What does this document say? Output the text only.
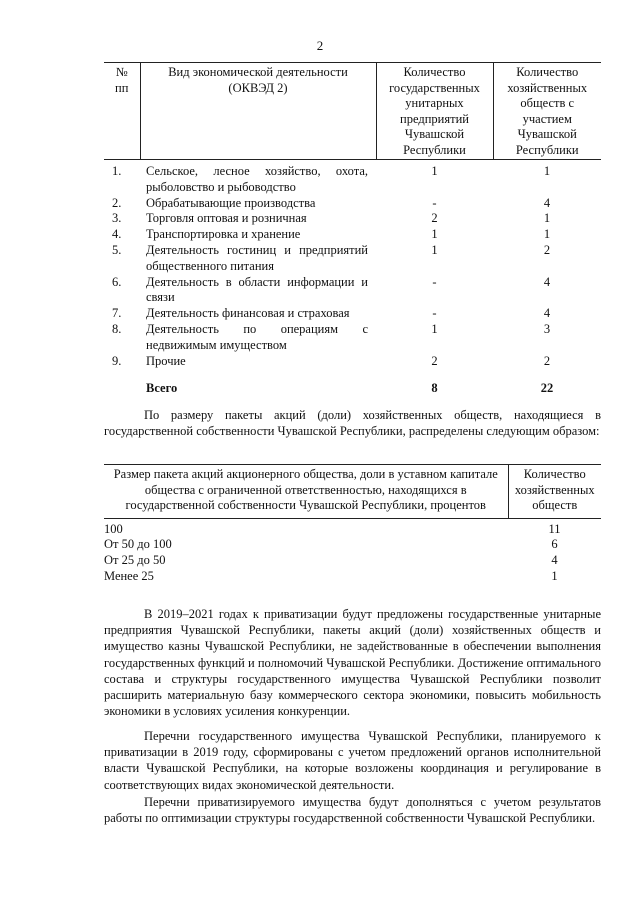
2
№ пп	Вид экономической деятельности (ОКВЭД 2)	Количество государственных унитарных предприятий Чувашской Республики	Количество хозяйственных обществ с участием Чувашской Республики
1.	Сельское, лесное хозяйство, охота, рыболовство и рыбоводство	1	1
2.	Обрабатывающие производства	-	4
3.	Торговля оптовая и розничная	2	1
4.	Транспортировка и хранение	1	1
5.	Деятельность гостиниц и предприятий общественного питания	1	2
6.	Деятельность в области информации и связи	-	4
7.	Деятельность финансовая и страховая	-	4
8.	Деятельность по операциям с недвижимым имуществом	1	3
9.	Прочие	2	2
	Всего	8	22

По размеру пакеты акций (доли) хозяйственных обществ, находящиеся в государственной собственности Чувашской Республики, распределены следующим образом:

Размер пакета акций акционерного общества, доли в уставном капитале общества с ограниченной ответственностью, находящихся в государственной собственности Чувашской Республики, процентов	Количество хозяйственных обществ
100	11
От 50 до 100	6
От 25 до 50	4
Менее 25	1

В 2019–2021 годах к приватизации будут предложены государственные унитарные предприятия Чувашской Республики, пакеты акций (доли) хозяйственных обществ и имущество казны Чувашской Республики, не задействованные в обеспечении выполнения государственных функций и полномочий Чувашской Республики. Достижение оптимального состава и структуры государственного имущества Чувашской Республики позволит расширить материальную базу коммерческого сектора экономики, повысить мобильность экономики в условиях усиления конкуренции.

Перечни государственного имущества Чувашской Республики, планируемого к приватизации в 2019 году, сформированы с учетом предложений органов исполнительной власти Чувашской Республики, на которые возложены координация и регулирование в соответствующих видах экономической деятельности.

Перечни приватизируемого имущества будут дополняться с учетом результатов работы по оптимизации структуры государственной собственности Чувашской Республики.
